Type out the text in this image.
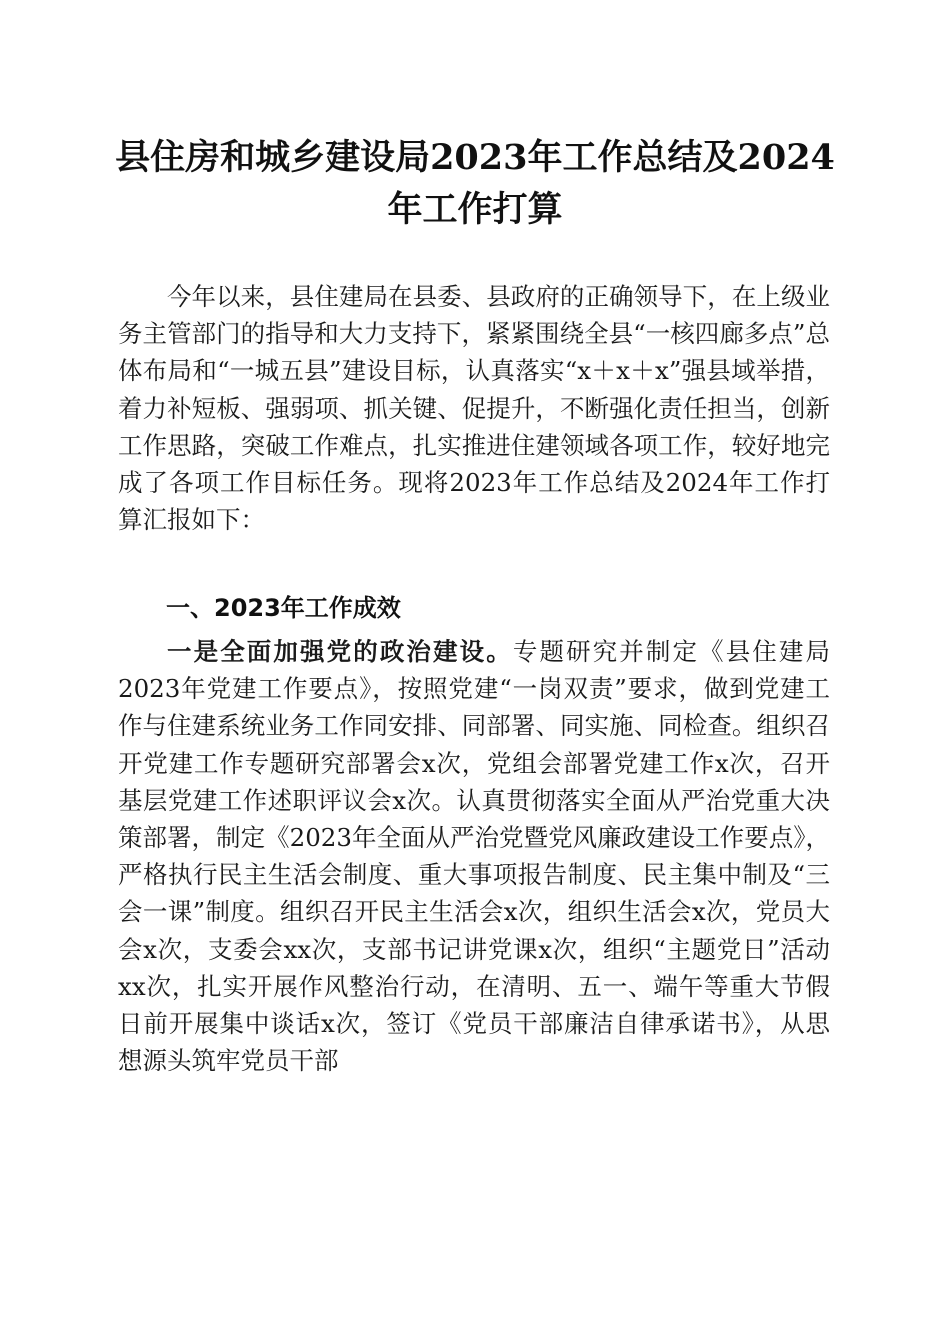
县住房和城乡建设局2023年工作总结及2024年工作打算

今年以来，县住建局在县委、县政府的正确领导下，在上级业务主管部门的指导和大力支持下，紧紧围绕全县“一核四廊多点”总体布局和“一城五县”建设目标，认真落实“x＋x＋x”强县域举措，着力补短板、强弱项、抓关键、促提升，不断强化责任担当，创新工作思路，突破工作难点，扎实推进住建领域各项工作，较好地完成了各项工作目标任务。现将2023年工作总结及2024年工作打算汇报如下：

一、2023年工作成效

一是全面加强党的政治建设。专题研究并制定《县住建局2023年党建工作要点》，按照党建“一岗双责”要求，做到党建工作与住建系统业务工作同安排、同部署、同实施、同检查。组织召开党建工作专题研究部署会x次，党组会部署党建工作x次，召开基层党建工作述职评议会x次。认真贯彻落实全面从严治党重大决策部署，制定《2023年全面从严治党暨党风廉政建设工作要点》，严格执行民主生活会制度、重大事项报告制度、民主集中制及“三会一课”制度。组织召开民主生活会x次，组织生活会x次，党员大会x次，支委会xx次，支部书记讲党课x次，组织“主题党日”活动xx次，扎实开展作风整治行动，在清明、五一、端午等重大节假日前开展集中谈话x次，签订《党员干部廉洁自律承诺书》，从思想源头筑牢党员干部
